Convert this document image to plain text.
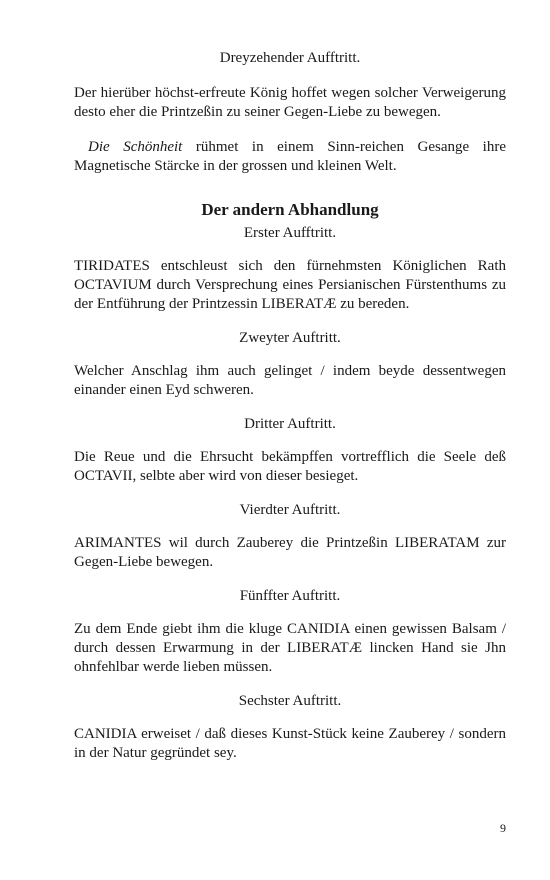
Dreyzehender Aufftritt.

Der hierüber höchst-erfreute König hoffet wegen solcher Verweigerung desto eher die Printzeßin zu seiner Gegen-Liebe zu bewegen.

Die Schönheit rühmet in einem Sinn-reichen Gesange ihre Magnetische Stärcke in der grossen und kleinen Welt.

Der andern Abhandlung

Erster Aufftritt.

TIRIDATES entschleust sich den fürnehmsten Königlichen Rath OCTAVIUM durch Versprechung eines Persianischen Fürstenthums zu der Entführung der Printzessin LIBERATÆ zu bereden.

Zweyter Auftritt.

Welcher Anschlag ihm auch gelinget / indem beyde dessentwegen einander einen Eyd schweren.

Dritter Auftritt.

Die Reue und die Ehrsucht bekämpffen vortrefflich die Seele deß OCTAVII, selbte aber wird von dieser besieget.

Vierdter Auftritt.

ARIMANTES wil durch Zauberey die Printzeßin LIBERATAM zur Gegen-Liebe bewegen.

Fünffter Auftritt.

Zu dem Ende giebt ihm die kluge CANIDIA einen gewissen Balsam / durch dessen Erwarmung in der LIBERATÆ lincken Hand sie Jhn ohnfehlbar werde lieben müssen.

Sechster Auftritt.

CANIDIA erweiset / daß dieses Kunst-Stück keine Zauberey / sondern in der Natur gegründet sey.

9
